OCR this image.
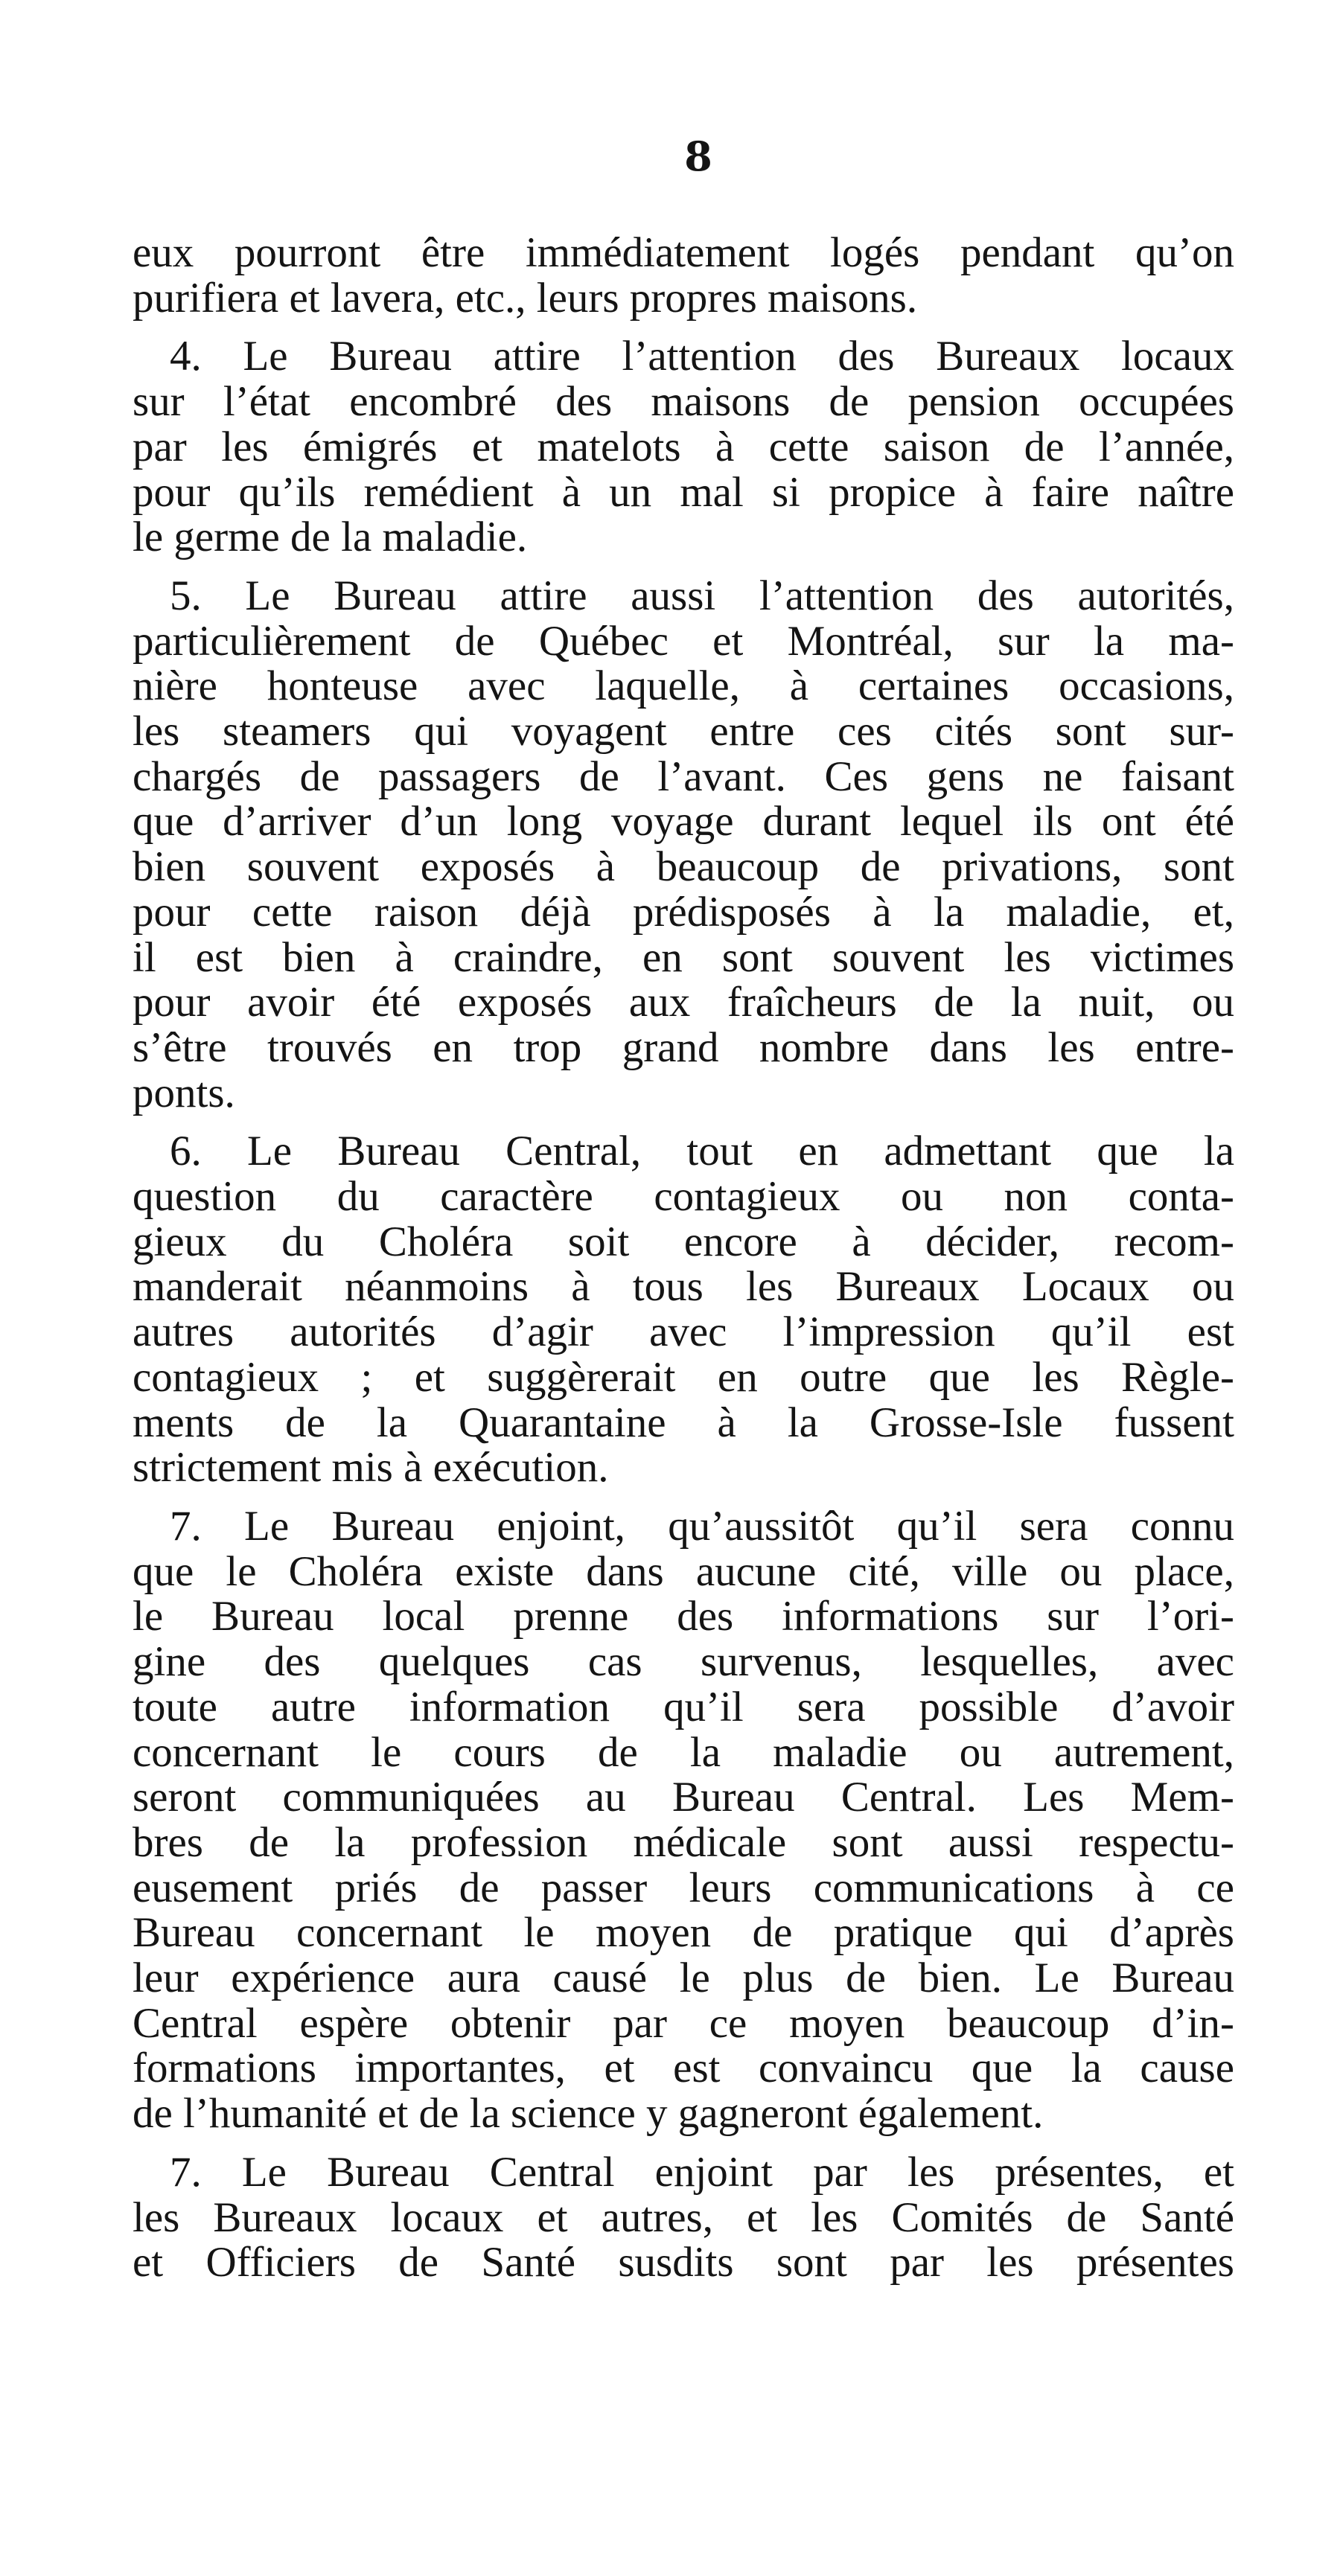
8
eux pourront être immédiatement logés pendant qu’on
purifiera et lavera, etc., leurs propres maisons.
4. Le Bureau attire l’attention des Bureaux locaux
sur l’état encombré des maisons de pension occupées
par les émigrés et matelots à cette saison de l’année,
pour qu’ils remédient à un mal si propice à faire naître
le germe de la maladie.
5. Le Bureau attire aussi l’attention des autorités,
particulièrement de Québec et Montréal, sur la ma-
nière honteuse avec laquelle, à certaines occasions,
les steamers qui voyagent entre ces cités sont sur-
chargés de passagers de l’avant. Ces gens ne faisant
que d’arriver d’un long voyage durant lequel ils ont été
bien souvent exposés à beaucoup de privations, sont
pour cette raison déjà prédisposés à la maladie, et,
il est bien à craindre, en sont souvent les victimes
pour avoir été exposés aux fraîcheurs de la nuit, ou
s’être trouvés en trop grand nombre dans les entre-
ponts.
6. Le Bureau Central, tout en admettant que la
question du caractère contagieux ou non conta-
gieux du Choléra soit encore à décider, recom-
manderait néanmoins à tous les Bureaux Locaux ou
autres autorités d’agir avec l’impression qu’il est
contagieux ; et suggèrerait en outre que les Règle-
ments de la Quarantaine à la Grosse-Isle fussent
strictement mis à exécution.
7. Le Bureau enjoint, qu’aussitôt qu’il sera connu
que le Choléra existe dans aucune cité, ville ou place,
le Bureau local prenne des informations sur l’ori-
gine des quelques cas survenus, lesquelles, avec
toute autre information qu’il sera possible d’avoir
concernant le cours de la maladie ou autrement,
seront communiquées au Bureau Central. Les Mem-
bres de la profession médicale sont aussi respectu-
eusement priés de passer leurs communications à ce
Bureau concernant le moyen de pratique qui d’après
leur expérience aura causé le plus de bien. Le Bureau
Central espère obtenir par ce moyen beaucoup d’in-
formations importantes, et est convaincu que la cause
de l’humanité et de la science y gagneront également.
7. Le Bureau Central enjoint par les présentes, et
les Bureaux locaux et autres, et les Comités de Santé
et Officiers de Santé susdits sont par les présentes
